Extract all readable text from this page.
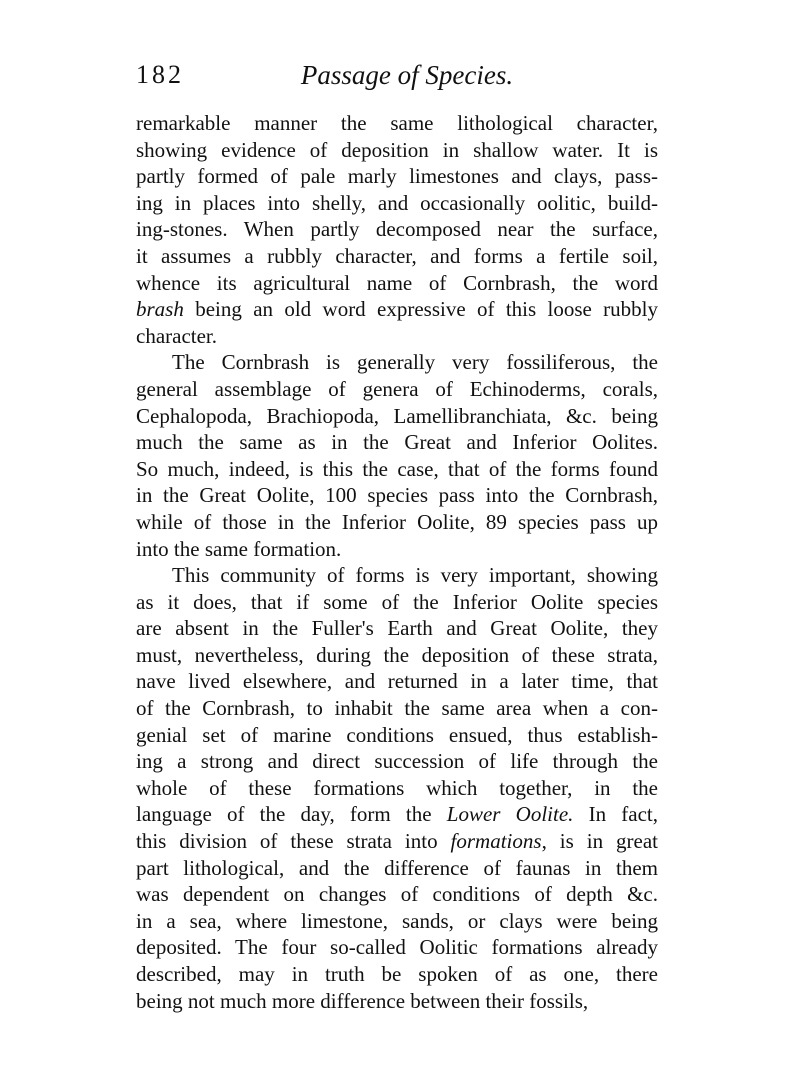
182	Passage of Species.
remarkable manner the same lithological character,
showing evidence of deposition in shallow water. It is
partly formed of pale marly limestones and clays, pass-
ing in places into shelly, and occasionally oolitic, build-
ing-stones. When partly decomposed near the surface,
it assumes a rubbly character, and forms a fertile soil,
whence its agricultural name of Cornbrash, the word
brash being an old word expressive of this loose rubbly
character.
The Cornbrash is generally very fossiliferous, the
general assemblage of genera of Echinoderms, corals,
Cephalopoda, Brachiopoda, Lamellibranchiata, &c. being
much the same as in the Great and Inferior Oolites.
So much, indeed, is this the case, that of the forms found
in the Great Oolite, 100 species pass into the Cornbrash,
while of those in the Inferior Oolite, 89 species pass up
into the same formation.
This community of forms is very important, showing
as it does, that if some of the Inferior Oolite species
are absent in the Fuller's Earth and Great Oolite, they
must, nevertheless, during the deposition of these strata,
nave lived elsewhere, and returned in a later time, that
of the Cornbrash, to inhabit the same area when a con-
genial set of marine conditions ensued, thus establish-
ing a strong and direct succession of life through the
whole of these formations which together, in the
language of the day, form the Lower Oolite. In fact,
this division of these strata into formations, is in great
part lithological, and the difference of faunas in them
was dependent on changes of conditions of depth &c.
in a sea, where limestone, sands, or clays were being
deposited. The four so-called Oolitic formations already
described, may in truth be spoken of as one, there
being not much more difference between their fossils,
